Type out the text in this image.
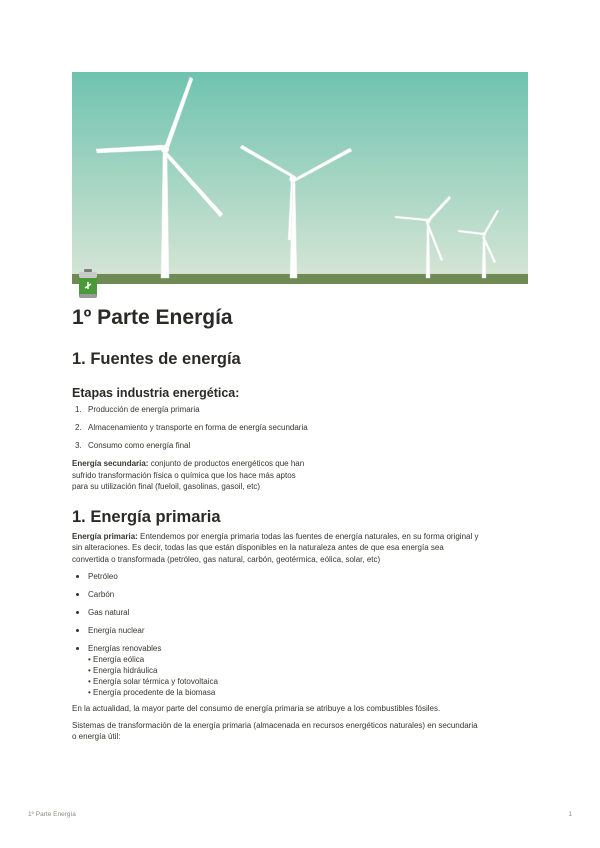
1º Parte Energía
1. Fuentes de energía
Etapas industria energética:
1. Producción de energía primaria
2. Almacenamiento y transporte en forma de energía secundaria
3. Consumo como energía final

Energía secundaria: conjunto de productos energéticos que han
sufrido transformación física o química que los hace más aptos
para su utilización final (fueloil, gasolinas, gasoil, etc)

1. Energía primaria

Energía primaria: Entendemos por energía primaria todas las fuentes de energía naturales, en su forma original y
sin alteraciones. Es decir, todas las que están disponibles en la naturaleza antes de que esa energía sea
convertida o transformada (petróleo, gas natural, carbón, geotérmica, eólica, solar, etc)

Petróleo
Carbón
Gas natural
Energía nuclear
Energías renovables
• Energía eólica
• Energía hidráulica
• Energía solar térmica y fotovoltaica
• Energía procedente de la biomasa

En la actualidad, la mayor parte del consumo de energía primaria se atribuye a los combustibles fósiles.

Sistemas de transformación de la energía primaria (almacenada en recursos energéticos naturales) en secundaria
o energía útil:

1º Parte Energía	1
